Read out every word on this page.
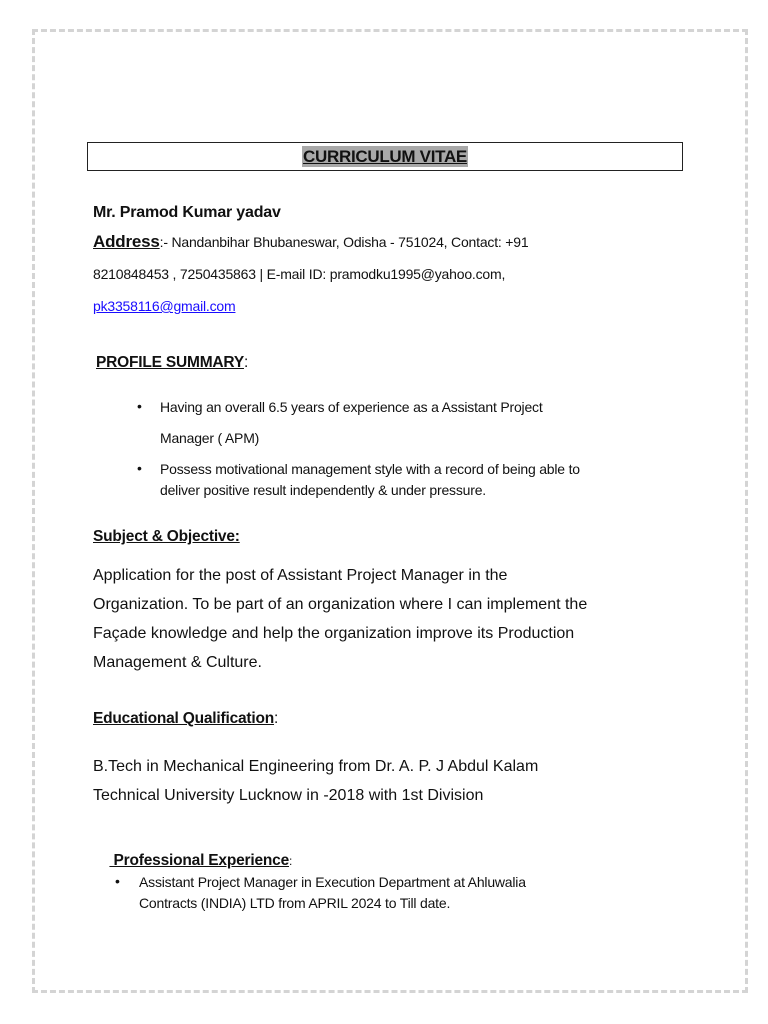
CURRICULUM VITAE
Mr. Pramod Kumar yadav
Address:- Nandanbihar Bhubaneswar, Odisha - 751024, Contact: +91
8210848453 , 7250435863 | E-mail ID: pramodku1995@yahoo.com,
pk3358116@gmail.com
PROFILE SUMMARY:
• Having an overall 6.5 years of experience as a Assistant Project
Manager ( APM)
• Possess motivational management style with a record of being able to
deliver positive result independently & under pressure.
Subject & Objective:
Application for the post of Assistant Project Manager in the
Organization. To be part of an organization where I can implement the
Façade knowledge and help the organization improve its Production
Management & Culture.
Educational Qualification:
B.Tech in Mechanical Engineering from Dr. A. P. J Abdul Kalam
Technical University Lucknow in -2018 with 1st Division

Professional Experience:

• Assistant Project Manager in Execution Department at Ahluwalia
Contracts (INDIA) LTD from APRIL 2024 to Till date.
